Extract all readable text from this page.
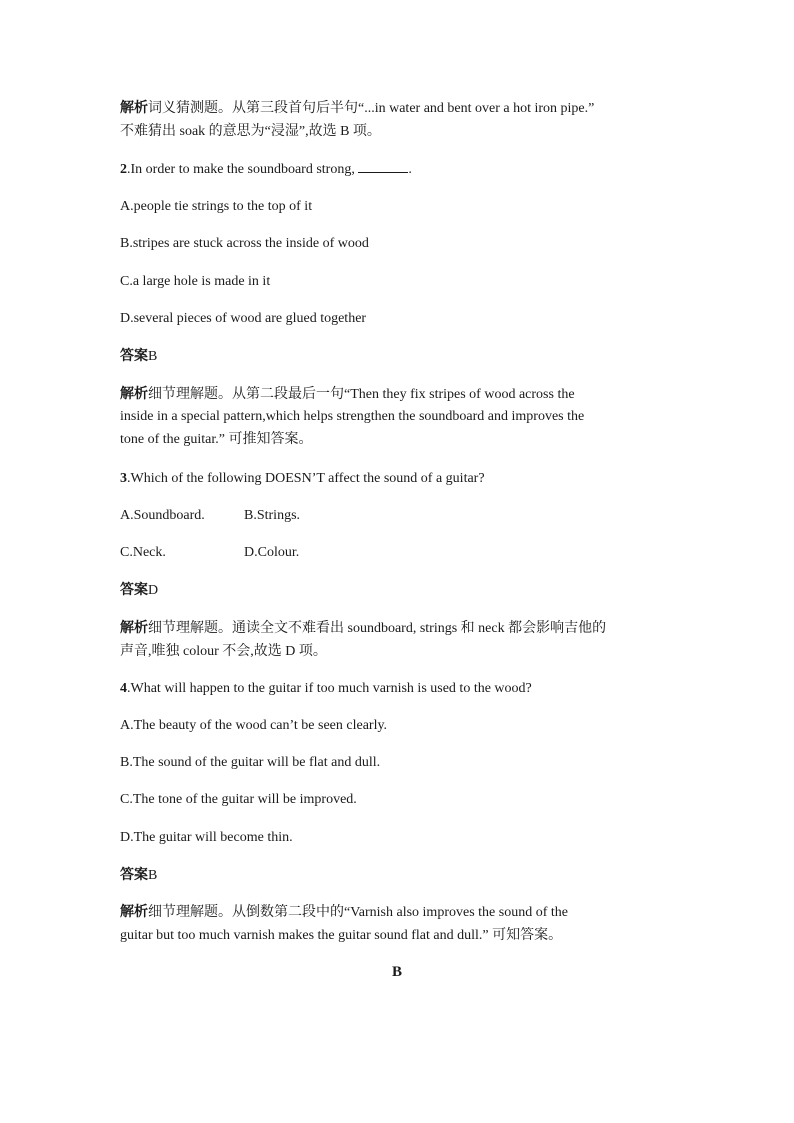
解析词义猜测题。从第三段首句后半句“...in water and bent over a hot iron pipe.”
不难猜出 soak 的意思为“浸湿”,故选 B 项。
2.In order to make the soundboard strong,	.
A.people tie strings to the top of it
B.stripes are stuck across the inside of wood
C.a large hole is made in it
D.several pieces of wood are glued together
答案B
解析细节理解题。从第二段最后一句“Then they fix stripes of wood across the
inside in a special pattern,which helps strengthen the soundboard and improves the
tone of the guitar.” 可推知答案。
3.Which of the following DOESN’T affect the sound of a guitar?
A.Soundboard.	B.Strings.
C.Neck.	D.Colour.
答案D
解析细节理解题。通读全文不难看出 soundboard, strings 和 neck 都会影响吉他的
声音,唯独 colour 不会,故选 D 项。
4.What will happen to the guitar if too much varnish is used to the wood?
A.The beauty of the wood can’t be seen clearly.
B.The sound of the guitar will be flat and dull.
C.The tone of the guitar will be improved.
D.The guitar will become thin.
答案B
解析细节理解题。从倒数第二段中的“Varnish also improves the sound of the
guitar but too much varnish makes the guitar sound flat and dull.” 可知答案。
B
